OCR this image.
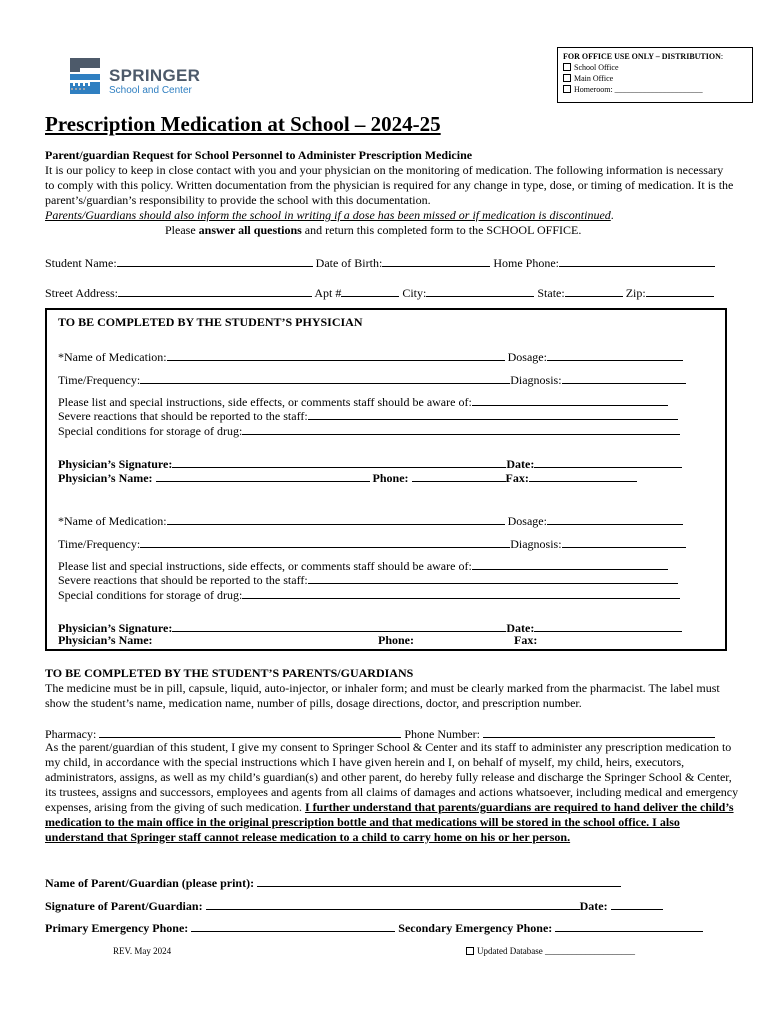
FOR OFFICE USE ONLY – DISTRIBUTION:
School Office
Main Office
Homeroom: ______________________
SPRINGER
School and Center
Prescription Medication at School – 2024-25
Parent/guardian Request for School Personnel to Administer Prescription Medicine
It is our policy to keep in close contact with you and your physician on the monitoring of medication. The following information is necessary to comply with this policy. Written documentation from the physician is required for any change in type, dose, or timing of medication. It is the parent’s/guardian’s responsibility to provide the school with this documentation.
Parents/Guardians should also inform the school in writing if a dose has been missed or if medication is discontinued.
Please answer all questions and return this completed form to the SCHOOL OFFICE.
Student Name:	Date of Birth:	Home Phone:
Street Address:	Apt #	City:	State:	Zip:
TO BE COMPLETED BY THE STUDENT’S PHYSICIAN
*Name of Medication:	Dosage:
Time/Frequency:	Diagnosis:
Please list and special instructions, side effects, or comments staff should be aware of:
Severe reactions that should be reported to the staff:
Special conditions for storage of drug:
Physician’s Signature:	Date:
Physician’s Name:	Phone:	Fax:
*Name of Medication:	Dosage:
Time/Frequency:	Diagnosis:
Please list and special instructions, side effects, or comments staff should be aware of:
Severe reactions that should be reported to the staff:
Special conditions for storage of drug:
Physician’s Signature:	Date:
Physician’s Name:	Phone:	Fax:
TO BE COMPLETED BY THE STUDENT’S PARENTS/GUARDIANS
The medicine must be in pill, capsule, liquid, auto-injector, or inhaler form; and must be clearly marked from the pharmacist. The label must show the student’s name, medication name, number of pills, dosage directions, doctor, and prescription number.
Pharmacy:	Phone Number:
As the parent/guardian of this student, I give my consent to Springer School & Center and its staff to administer any prescription medication to my child, in accordance with the special instructions which I have given herein and I, on behalf of myself, my child, heirs, executors, administrators, assigns, as well as my child’s guardian(s) and other parent, do hereby fully release and discharge the Springer School & Center, its trustees, assigns and successors, employees and agents from all claims of damages and actions whatsoever, including medical and emergency expenses, arising from the giving of such medication. I further understand that parents/guardians are required to hand deliver the child’s medication to the main office in the original prescription bottle and that medications will be stored in the school office. I also understand that Springer staff cannot release medication to a child to carry home on his or her person.
Name of Parent/Guardian (please print):
Signature of Parent/Guardian:	Date:
Primary Emergency Phone:	Secondary Emergency Phone:
REV. May 2024	Updated Database ____________________
